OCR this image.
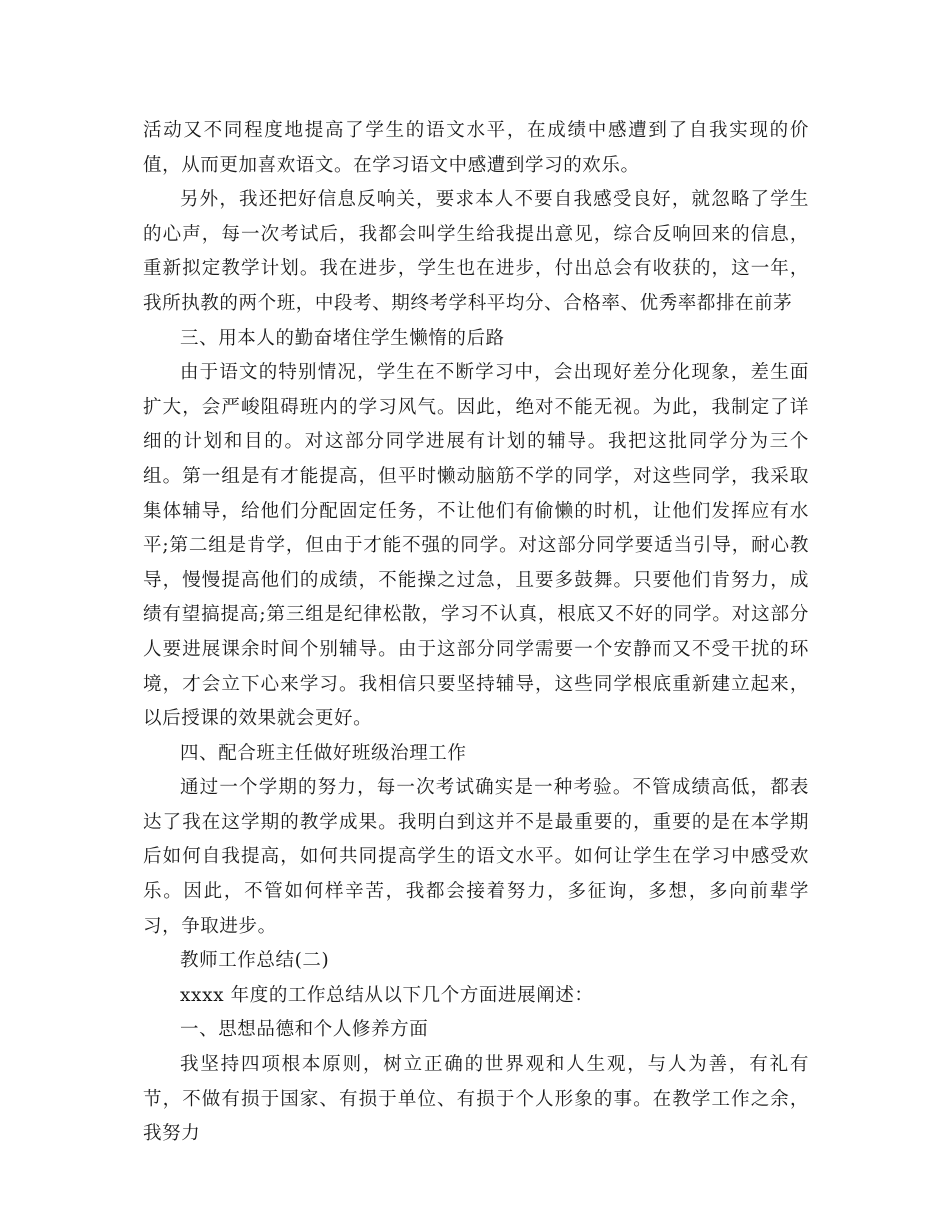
活动又不同程度地提高了学生的语文水平，在成绩中感遭到了自我实现的价值，从而更加喜欢语文。在学习语文中感遭到学习的欢乐。

另外，我还把好信息反响关，要求本人不要自我感受良好，就忽略了学生的心声，每一次考试后，我都会叫学生给我提出意见，综合反响回来的信息，重新拟定教学计划。我在进步，学生也在进步，付出总会有收获的，这一年，我所执教的两个班，中段考、期终考学科平均分、合格率、优秀率都排在前茅

三、用本人的勤奋堵住学生懒惰的后路

由于语文的特别情况，学生在不断学习中，会出现好差分化现象，差生面扩大，会严峻阻碍班内的学习风气。因此，绝对不能无视。为此，我制定了详细的计划和目的。对这部分同学进展有计划的辅导。我把这批同学分为三个组。第一组是有才能提高，但平时懒动脑筋不学的同学，对这些同学，我采取集体辅导，给他们分配固定任务，不让他们有偷懒的时机，让他们发挥应有水平;第二组是肯学，但由于才能不强的同学。对这部分同学要适当引导，耐心教导，慢慢提高他们的成绩，不能操之过急，且要多鼓舞。只要他们肯努力，成绩有望搞提高;第三组是纪律松散，学习不认真，根底又不好的同学。对这部分人要进展课余时间个别辅导。由于这部分同学需要一个安静而又不受干扰的环境，才会立下心来学习。我相信只要坚持辅导，这些同学根底重新建立起来，以后授课的效果就会更好。

四、配合班主任做好班级治理工作

通过一个学期的努力，每一次考试确实是一种考验。不管成绩高低，都表达了我在这学期的教学成果。我明白到这并不是最重要的，重要的是在本学期后如何自我提高，如何共同提高学生的语文水平。如何让学生在学习中感受欢乐。因此，不管如何样辛苦，我都会接着努力，多征询，多想，多向前辈学习，争取进步。

教师工作总结(二)

xxxx 年度的工作总结从以下几个方面进展阐述：

一、思想品德和个人修养方面

我坚持四项根本原则，树立正确的世界观和人生观，与人为善，有礼有节，不做有损于国家、有损于单位、有损于个人形象的事。在教学工作之余，我努力
